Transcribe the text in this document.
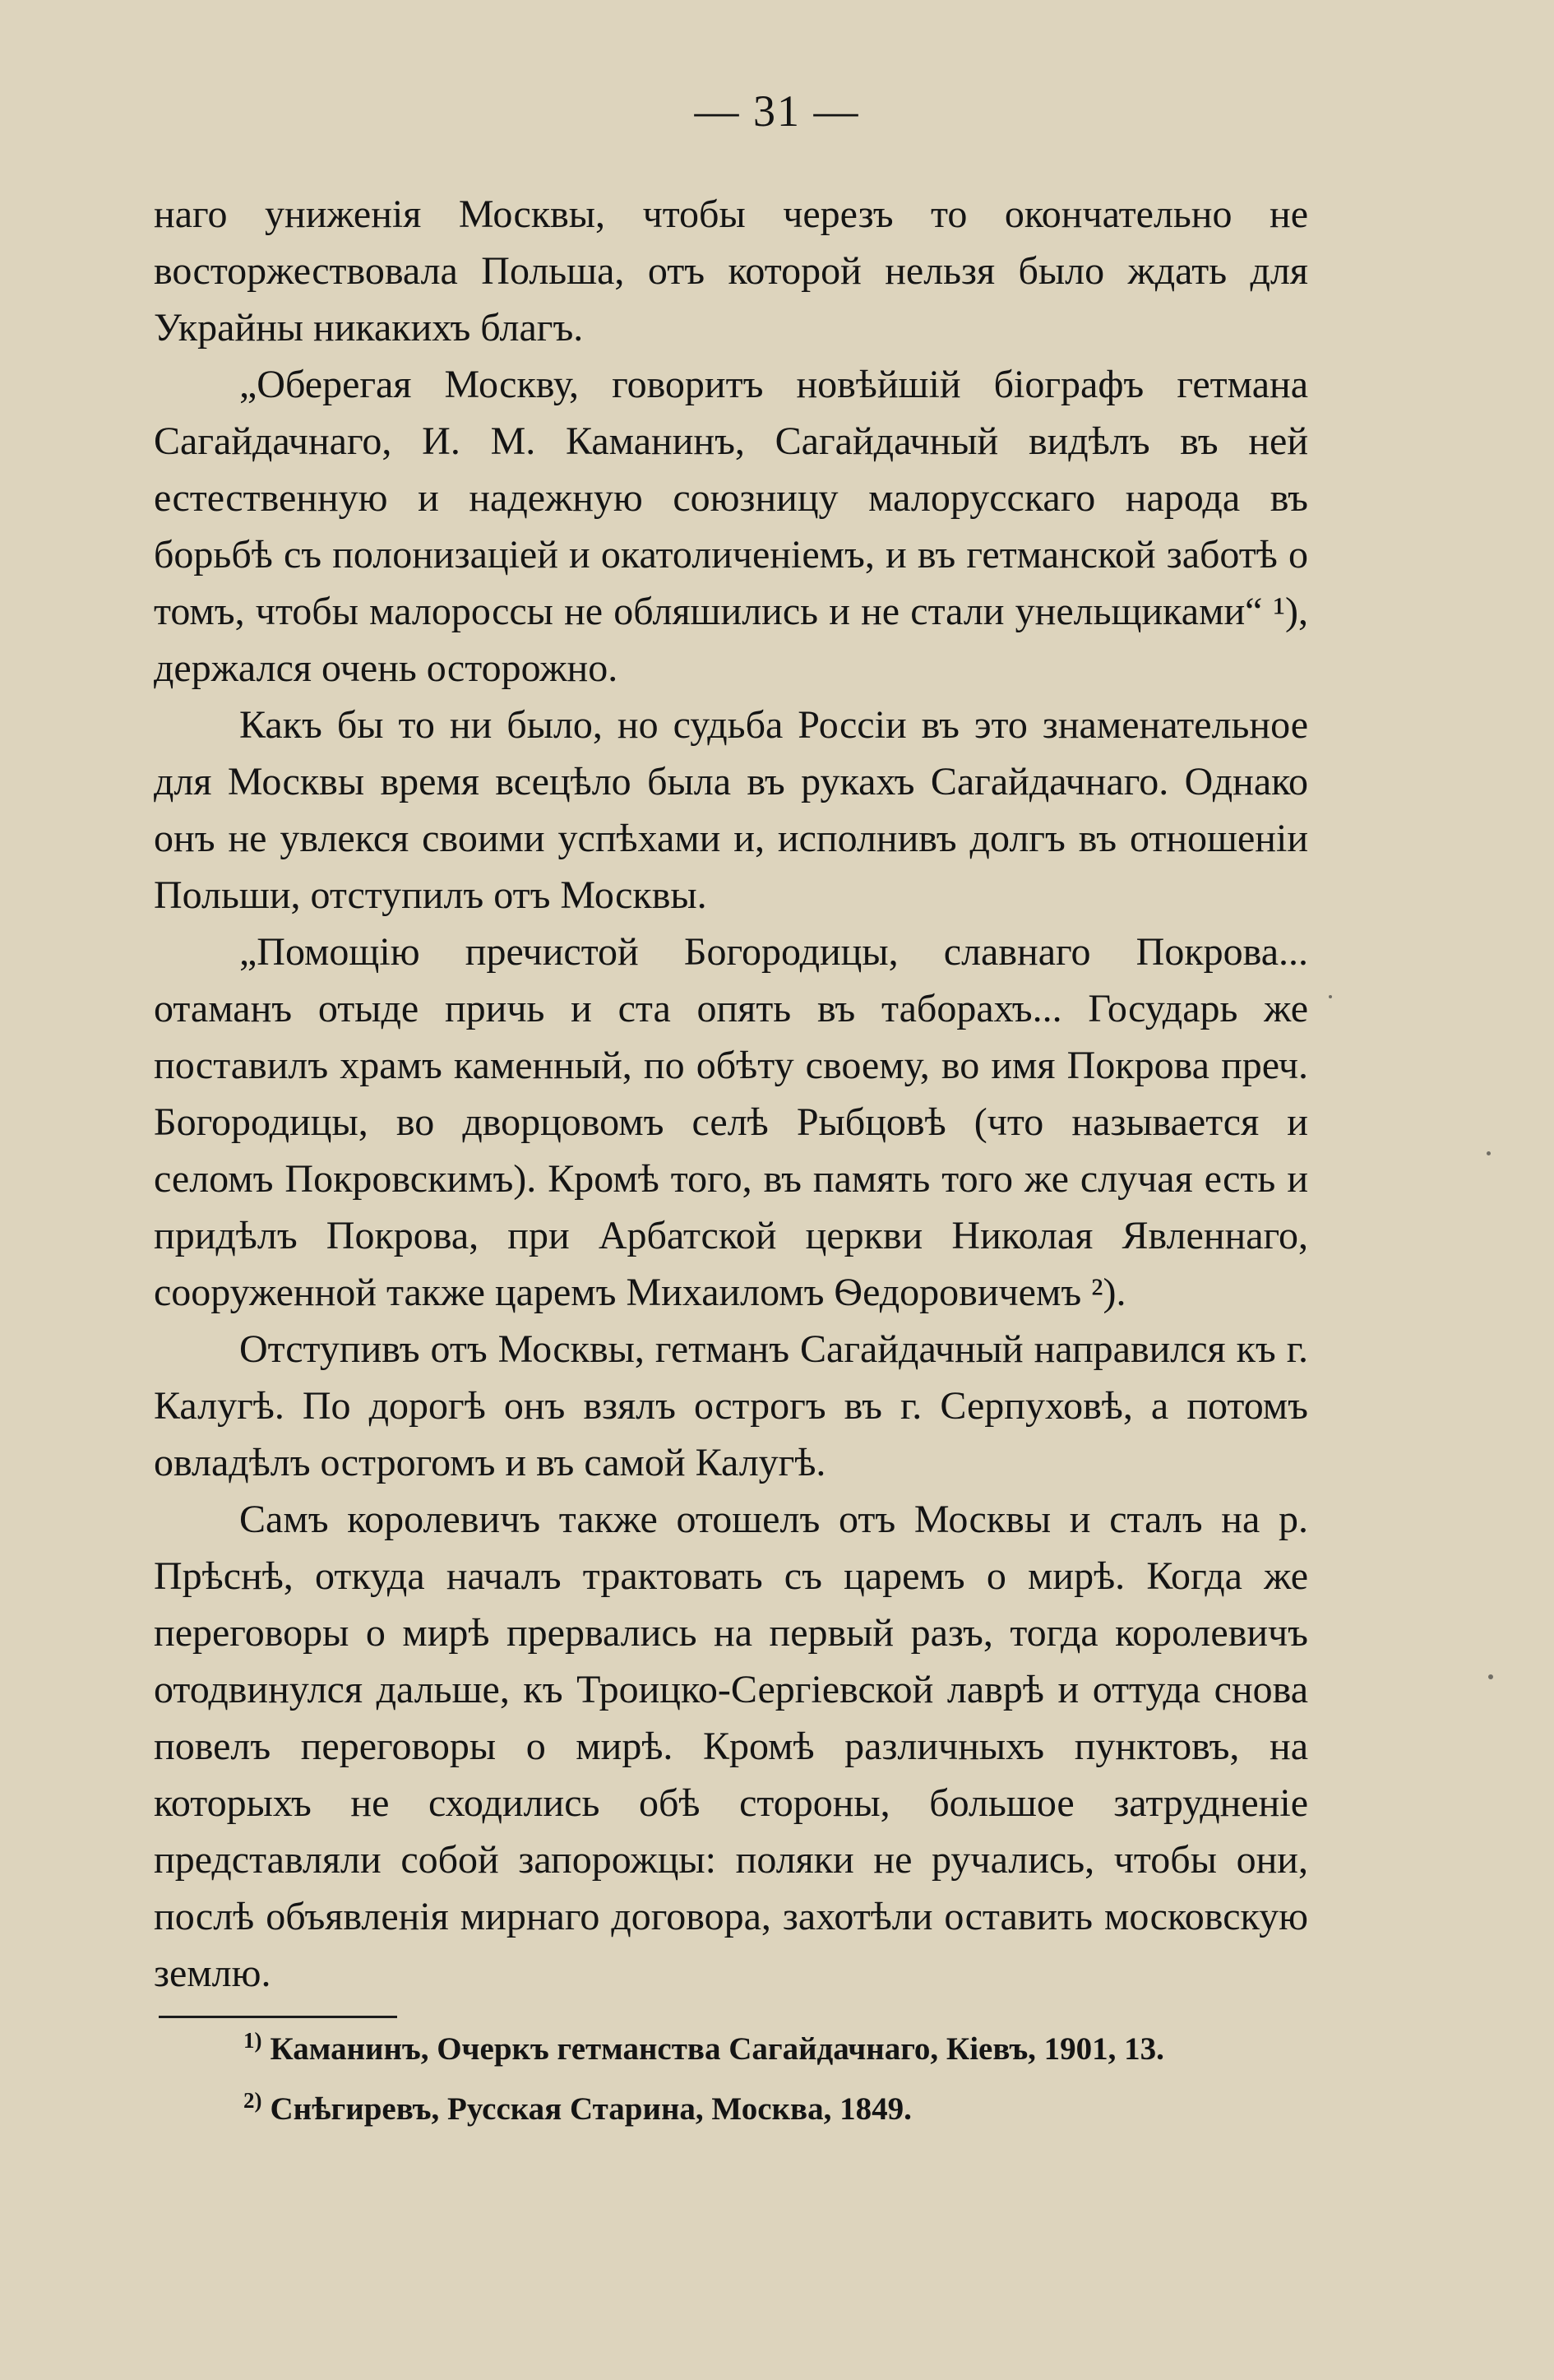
— 31 —

наго униженія Москвы, чтобы черезъ то окончательно не восторжествовала Польша, отъ которой нельзя было ждать для Украйны никакихъ благъ.

„Оберегая Москву, говоритъ новѣйшій біографъ гетмана Сагайдачнаго, И. М. Каманинъ, Сагайдачный видѣлъ въ ней естественную и надежную союзницу малорусскаго народа въ борьбѣ съ полонизацiей и окатоличеніемъ, и въ гетманской заботѣ о томъ, чтобы малороссы не обляшились и не стали унельщиками“ ¹), держался очень осторожно.

Какъ бы то ни было, но судьба Россіи въ это знаменательное для Москвы время всецѣло была въ рукахъ Сагайдачнаго. Однако онъ не увлекся своими успѣхами и, исполнивъ долгъ въ отношеніи Польши, отступилъ отъ Москвы.

„Помощію пречистой Богородицы, славнаго Покрова... отаманъ отыде причь и ста опять въ таборахъ... Государь же поставилъ храмъ каменный, по обѣту своему, во имя Покрова преч. Богородицы, во дворцовомъ селѣ Рыбцовѣ (что называется и селомъ Покровскимъ). Кромѣ того, въ память того же случая есть и придѣлъ Покрова, при Арбатской церкви Николая Явленнаго, сооруженной также царемъ Михаиломъ Ѳедоровичемъ ²).

Отступивъ отъ Москвы, гетманъ Сагайдачный направился къ г. Калугѣ. По дорогѣ онъ взялъ острогъ въ г. Серпуховѣ, а потомъ овладѣлъ острогомъ и въ самой Калугѣ.

Самъ королевичъ также отошелъ отъ Москвы и сталъ на р. Прѣснѣ, откуда началъ трактовать съ царемъ о мирѣ. Когда же переговоры о мирѣ прервались на первый разъ, тогда королевичъ отодвинулся дальше, къ Троицко-Сергіевской лаврѣ и оттуда снова повелъ переговоры о мирѣ. Кромѣ различныхъ пунктовъ, на которыхъ не сходились обѣ стороны, большое затрудненіе представляли собой запорожцы: поляки не ручались, чтобы они, послѣ объявленія мирнаго договора, захотѣли оставить московскую землю.

$^{1)}$ Каманинъ, Очеркъ гетманства Сагайдачнаго, Кіевъ, 1901, 13.

$^{2)}$ Снѣгиревъ, Русская Старина, Москва, 1849.
